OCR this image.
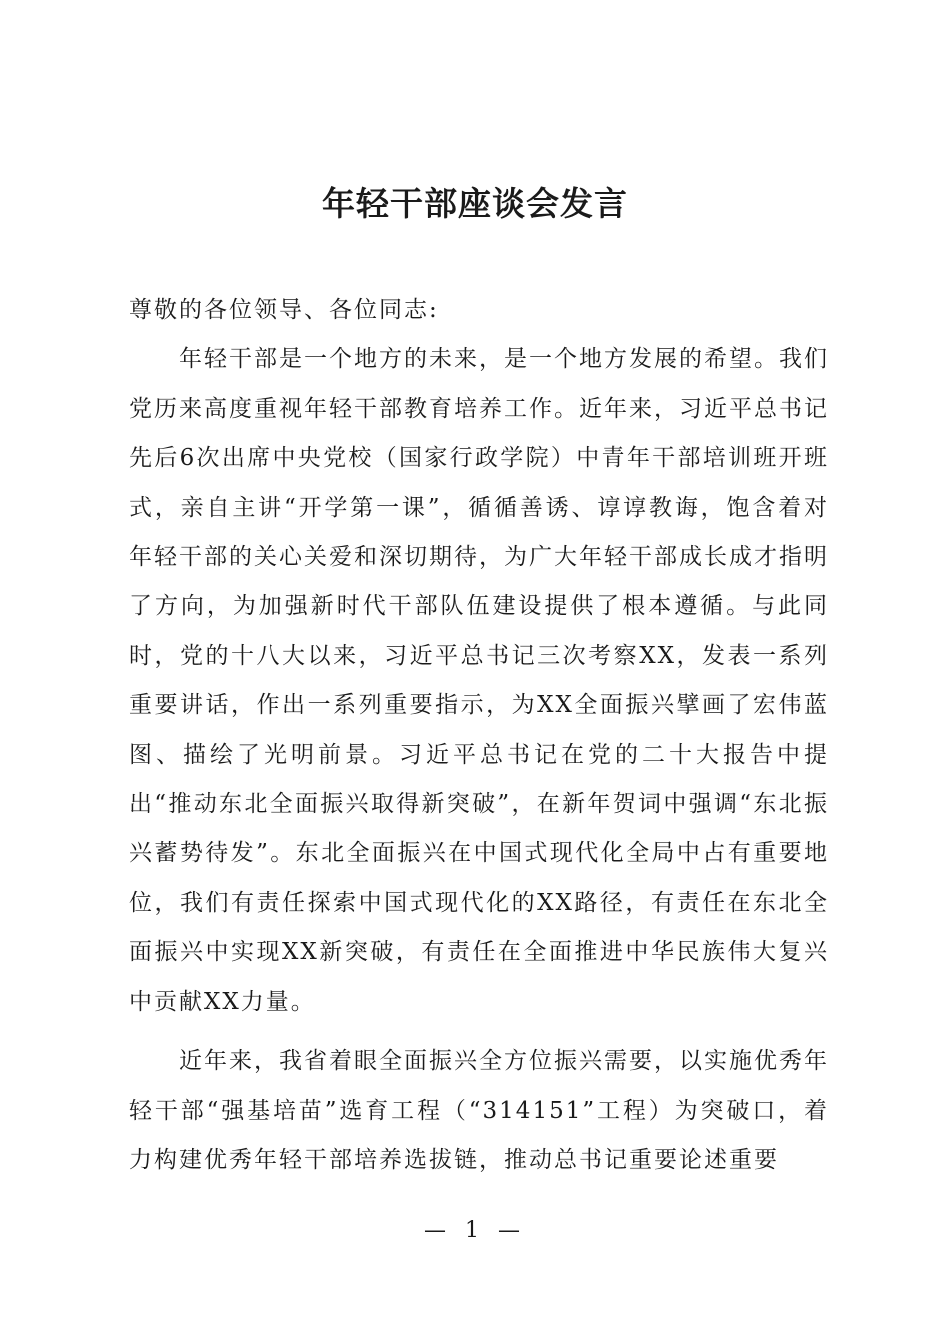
年轻干部座谈会发言

尊敬的各位领导、各位同志:

年轻干部是一个地方的未来，是一个地方发展的希望。我们党历来高度重视年轻干部教育培养工作。近年来，习近平总书记先后6次出席中央党校（国家行政学院）中青年干部培训班开班式，亲自主讲“开学第一课”，循循善诱、谆谆教诲，饱含着对年轻干部的关心关爱和深切期待，为广大年轻干部成长成才指明了方向，为加强新时代干部队伍建设提供了根本遵循。与此同时，党的十八大以来，习近平总书记三次考察XX，发表一系列重要讲话，作出一系列重要指示，为XX全面振兴擘画了宏伟蓝图、描绘了光明前景。习近平总书记在党的二十大报告中提出“推动东北全面振兴取得新突破”，在新年贺词中强调“东北振兴蓄势待发”。东北全面振兴在中国式现代化全局中占有重要地位，我们有责任探索中国式现代化的XX路径，有责任在东北全面振兴中实现XX新突破，有责任在全面推进中华民族伟大复兴中贡献XX力量。

近年来，我省着眼全面振兴全方位振兴需要，以实施优秀年轻干部“强基培苗”选育工程（“314151”工程）为突破口，着力构建优秀年轻干部培养选拔链，推动总书记重要论述重要

— 1 —
